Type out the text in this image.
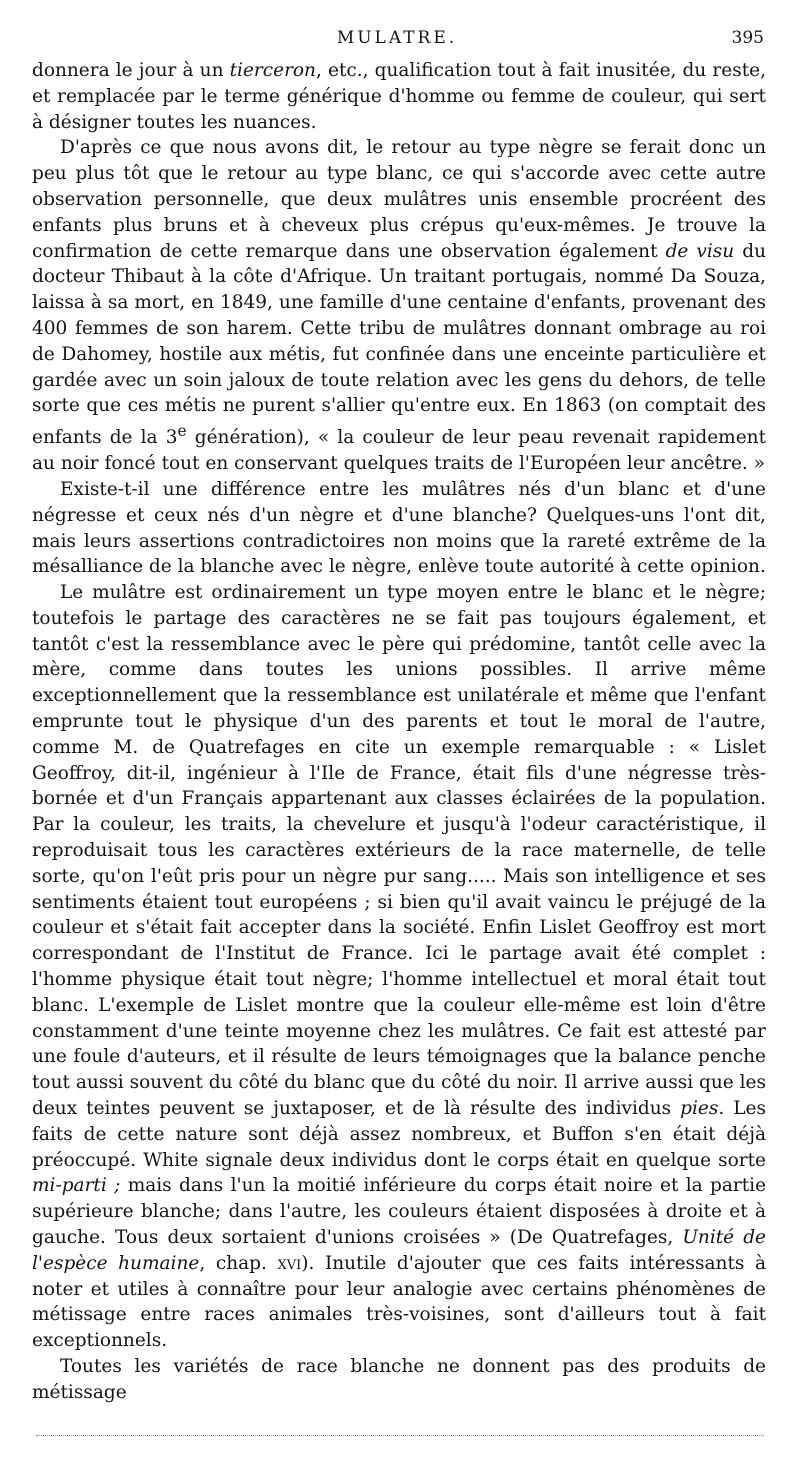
MULATRE.	395

donnera le jour à un tierceron, etc., qualification tout à fait inusitée, du reste, et remplacée par le terme générique d'homme ou femme de couleur, qui sert à désigner toutes les nuances.

D'après ce que nous avons dit, le retour au type nègre se ferait donc un peu plus tôt que le retour au type blanc, ce qui s'accorde avec cette autre observation personnelle, que deux mulâtres unis ensemble procréent des enfants plus bruns et à cheveux plus crépus qu'eux-mêmes. Je trouve la confirmation de cette remarque dans une observation également de visu du docteur Thibaut à la côte d'Afrique. Un traitant portugais, nommé Da Souza, laissa à sa mort, en 1849, une famille d'une centaine d'enfants, provenant des 400 femmes de son harem. Cette tribu de mulâtres donnant ombrage au roi de Dahomey, hostile aux métis, fut confinée dans une enceinte particulière et gardée avec un soin jaloux de toute relation avec les gens du dehors, de telle sorte que ces métis ne purent s'allier qu'entre eux. En 1863 (on comptait des enfants de la 3e génération), « la couleur de leur peau revenait rapidement au noir foncé tout en conservant quelques traits de l'Européen leur ancêtre. »

Existe-t-il une différence entre les mulâtres nés d'un blanc et d'une négresse et ceux nés d'un nègre et d'une blanche? Quelques-uns l'ont dit, mais leurs assertions contradictoires non moins que la rareté extrême de la mésalliance de la blanche avec le nègre, enlève toute autorité à cette opinion.

Le mulâtre est ordinairement un type moyen entre le blanc et le nègre; toutefois le partage des caractères ne se fait pas toujours également, et tantôt c'est la ressemblance avec le père qui prédomine, tantôt celle avec la mère, comme dans toutes les unions possibles. Il arrive même exceptionnellement que la ressemblance est unilatérale et même que l'enfant emprunte tout le physique d'un des parents et tout le moral de l'autre, comme M. de Quatrefages en cite un exemple remarquable : « Lislet Geoffroy, dit-il, ingénieur à l'Ile de France, était fils d'une négresse très-bornée et d'un Français appartenant aux classes éclairées de la population. Par la couleur, les traits, la chevelure et jusqu'à l'odeur caractéristique, il reproduisait tous les caractères extérieurs de la race maternelle, de telle sorte, qu'on l'eût pris pour un nègre pur sang..... Mais son intelligence et ses sentiments étaient tout européens ; si bien qu'il avait vaincu le préjugé de la couleur et s'était fait accepter dans la société. Enfin Lislet Geoffroy est mort correspondant de l'Institut de France. Ici le partage avait été complet : l'homme physique était tout nègre; l'homme intellectuel et moral était tout blanc. L'exemple de Lislet montre que la couleur elle-même est loin d'être constamment d'une teinte moyenne chez les mulâtres. Ce fait est attesté par une foule d'auteurs, et il résulte de leurs témoignages que la balance penche tout aussi souvent du côté du blanc que du côté du noir. Il arrive aussi que les deux teintes peuvent se juxtaposer, et de là résulte des individus pies. Les faits de cette nature sont déjà assez nombreux, et Buffon s'en était déjà préoccupé. White signale deux individus dont le corps était en quelque sorte mi-parti ; mais dans l'un la moitié inférieure du corps était noire et la partie supérieure blanche; dans l'autre, les couleurs étaient disposées à droite et à gauche. Tous deux sortaient d'unions croisées » (De Quatrefages, Unité de l'espèce humaine, chap. xvi). Inutile d'ajouter que ces faits intéressants à noter et utiles à connaître pour leur analogie avec certains phénomènes de métissage entre races animales très-voisines, sont d'ailleurs tout à fait exceptionnels.

Toutes les variétés de race blanche ne donnent pas des produits de métissage
